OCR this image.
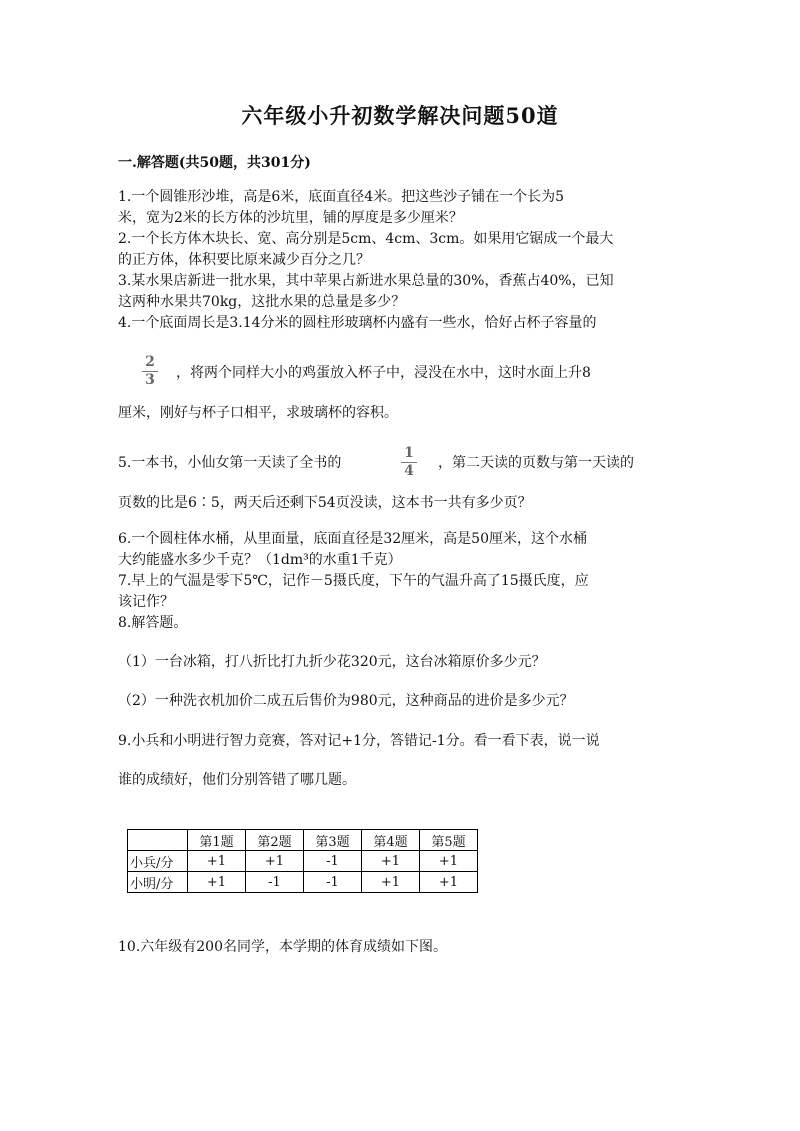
六年级小升初数学解决问题50道
一.解答题(共50题，共301分)
1.一个圆锥形沙堆，高是6米，底面直径4米。把这些沙子铺在一个长为5
米，宽为2米的长方体的沙坑里，铺的厚度是多少厘米？
2.一个长方体木块长、宽、高分别是5cm、4cm、3cm。如果用它锯成一个最大
的正方体，体积要比原来减少百分之几？
3.某水果店新进一批水果，其中苹果占新进水果总量的30%，香蕉占40%，已知
这两种水果共70kg，这批水果的总量是多少？
4.一个底面周长是3.14分米的圆柱形玻璃杯内盛有一些水，恰好占杯子容量的
2
3 ，将两个同样大小的鸡蛋放入杯子中，浸没在水中，这时水面上升8
厘米，刚好与杯子口相平，求玻璃杯的容积。
5.一本书，小仙女第一天读了全书的
1
4 ，第二天读的页数与第一天读的
页数的比是6∶5，两天后还剩下54页没读，这本书一共有多少页？
6.一个圆柱体水桶，从里面量，底面直径是32厘米，高是50厘米，这个水桶
大约能盛水多少千克？（1dm³的水重1千克）
7.早上的气温是零下5℃，记作－5摄氏度，下午的气温升高了15摄氏度，应
该记作？
8.解答题。
（1）一台冰箱，打八折比打九折少花320元，这台冰箱原价多少元？
（2）一种洗衣机加价二成五后售价为980元，这种商品的进价是多少元？
9.小兵和小明进行智力竞赛，答对记+1分，答错记-1分。看一看下表，说一说
谁的成绩好，他们分别答错了哪几题。
	第1题	第2题	第3题	第4题	第5题
小兵/分	+1	+1	-1	+1	+1
小明/分	+1	-1	-1	+1	+1
10.六年级有200名同学，本学期的体育成绩如下图。
